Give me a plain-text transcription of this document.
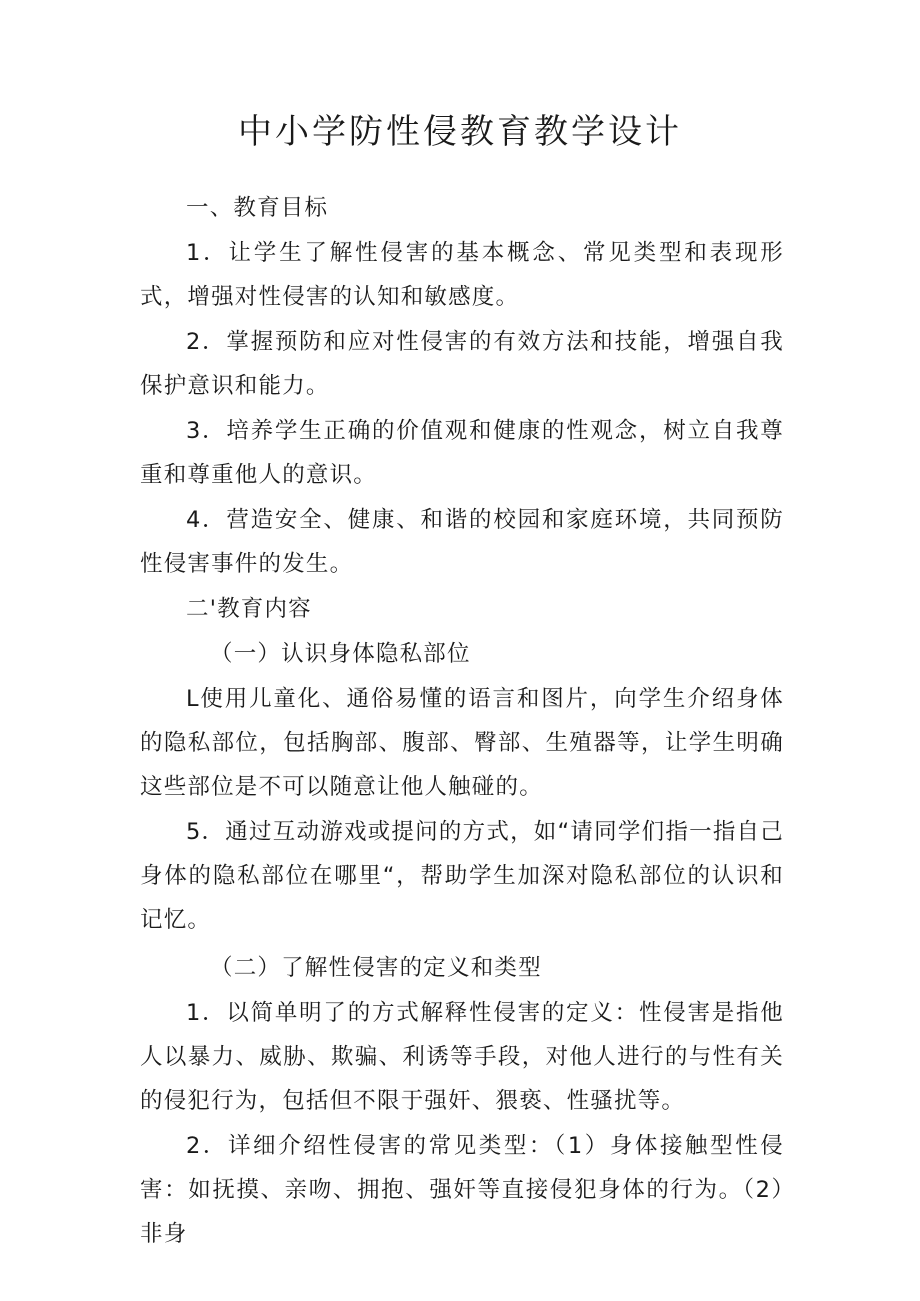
中小学防性侵教育教学设计

一、教育目标

1．让学生了解性侵害的基本概念、常见类型和表现形式，增强对性侵害的认知和敏感度。

2．掌握预防和应对性侵害的有效方法和技能，增强自我保护意识和能力。

3．培养学生正确的价值观和健康的性观念，树立自我尊重和尊重他人的意识。

4．营造安全、健康、和谐的校园和家庭环境，共同预防性侵害事件的发生。

二'教育内容

（一）认识身体隐私部位

L使用儿童化、通俗易懂的语言和图片，向学生介绍身体的隐私部位，包括胸部、腹部、臀部、生殖器等，让学生明确这些部位是不可以随意让他人触碰的。

5．通过互动游戏或提问的方式，如“请同学们指一指自己身体的隐私部位在哪里“，帮助学生加深对隐私部位的认识和记忆。

（二）了解性侵害的定义和类型

1．以简单明了的方式解释性侵害的定义：性侵害是指他人以暴力、威胁、欺骗、利诱等手段，对他人进行的与性有关的侵犯行为，包括但不限于强奸、猥亵、性骚扰等。

2．详细介绍性侵害的常见类型：（1）身体接触型性侵害：如抚摸、亲吻、拥抱、强奸等直接侵犯身体的行为。（2）非身
